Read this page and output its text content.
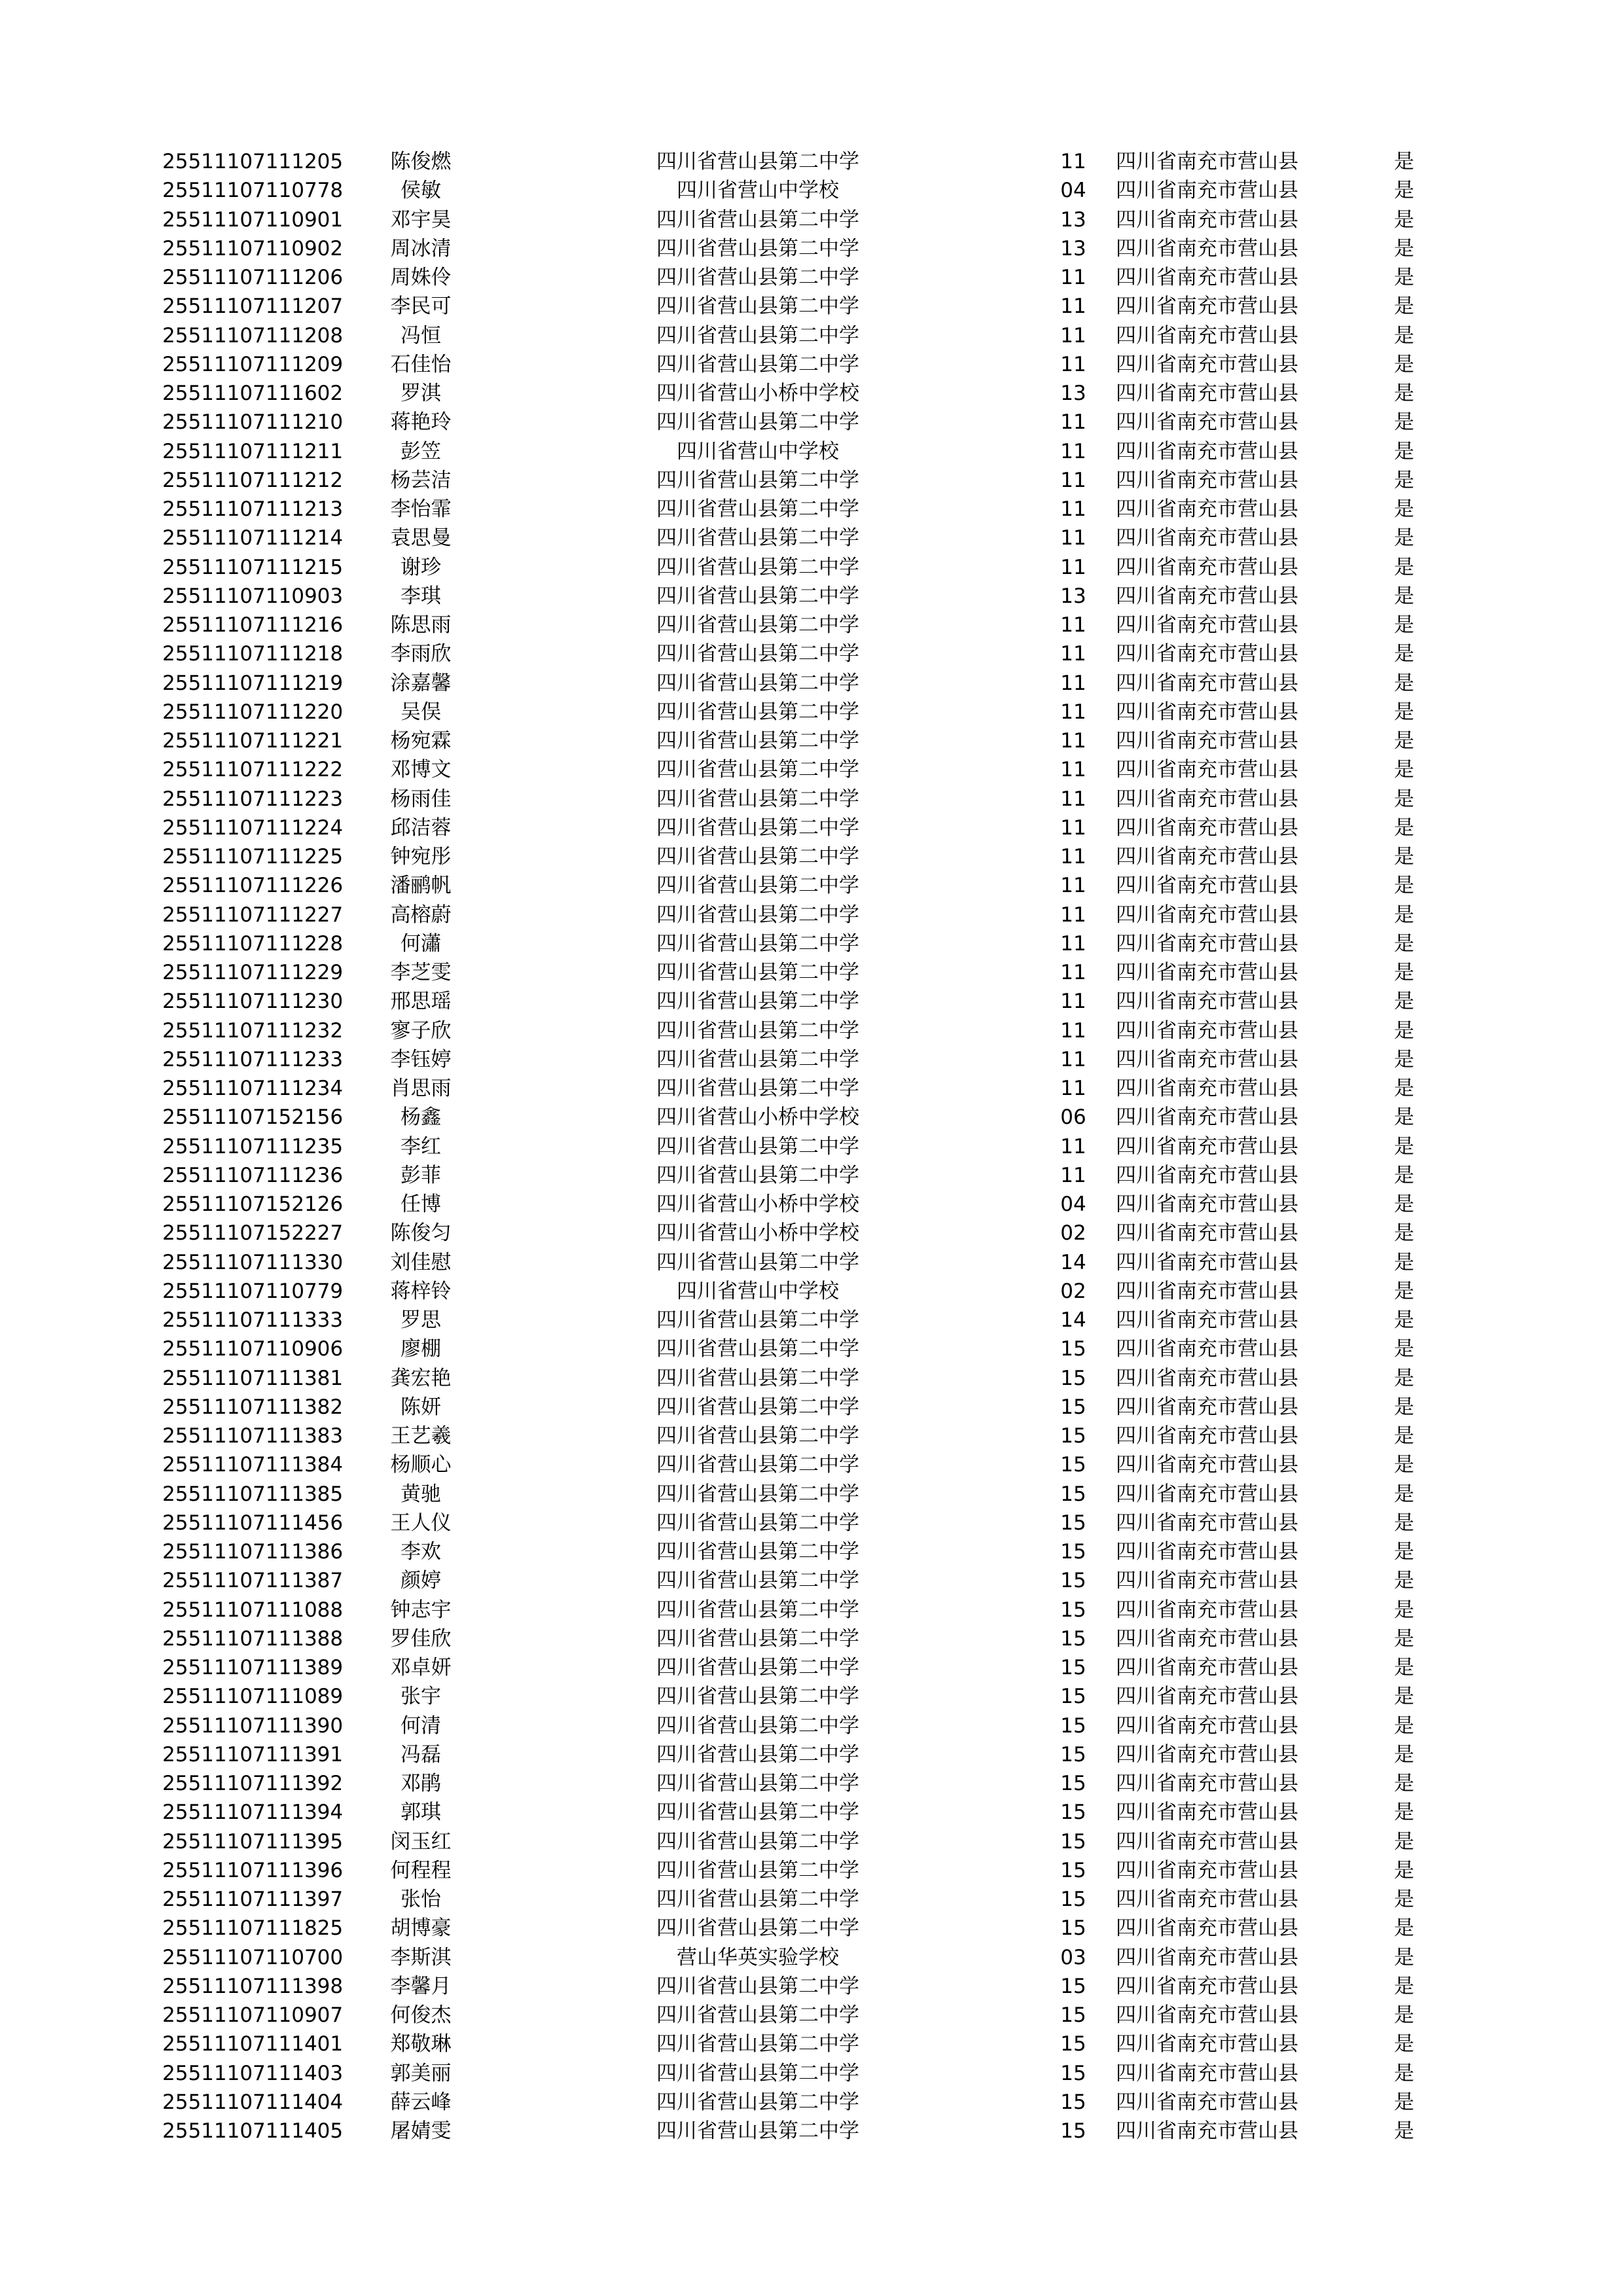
25511107111205	陈俊燃	四川省营山县第二中学	11	四川省南充市营山县	是
25511107110778	侯敏	四川省营山中学校	04	四川省南充市营山县	是
25511107110901	邓宇昊	四川省营山县第二中学	13	四川省南充市营山县	是
25511107110902	周冰清	四川省营山县第二中学	13	四川省南充市营山县	是
25511107111206	周姝伶	四川省营山县第二中学	11	四川省南充市营山县	是
25511107111207	李民可	四川省营山县第二中学	11	四川省南充市营山县	是
25511107111208	冯恒	四川省营山县第二中学	11	四川省南充市营山县	是
25511107111209	石佳怡	四川省营山县第二中学	11	四川省南充市营山县	是
25511107111602	罗淇	四川省营山小桥中学校	13	四川省南充市营山县	是
25511107111210	蒋艳玲	四川省营山县第二中学	11	四川省南充市营山县	是
25511107111211	彭笠	四川省营山中学校	11	四川省南充市营山县	是
25511107111212	杨芸洁	四川省营山县第二中学	11	四川省南充市营山县	是
25511107111213	李怡霏	四川省营山县第二中学	11	四川省南充市营山县	是
25511107111214	袁思曼	四川省营山县第二中学	11	四川省南充市营山县	是
25511107111215	谢珍	四川省营山县第二中学	11	四川省南充市营山县	是
25511107110903	李琪	四川省营山县第二中学	13	四川省南充市营山县	是
25511107111216	陈思雨	四川省营山县第二中学	11	四川省南充市营山县	是
25511107111218	李雨欣	四川省营山县第二中学	11	四川省南充市营山县	是
25511107111219	涂嘉馨	四川省营山县第二中学	11	四川省南充市营山县	是
25511107111220	吴俣	四川省营山县第二中学	11	四川省南充市营山县	是
25511107111221	杨宛霖	四川省营山县第二中学	11	四川省南充市营山县	是
25511107111222	邓博文	四川省营山县第二中学	11	四川省南充市营山县	是
25511107111223	杨雨佳	四川省营山县第二中学	11	四川省南充市营山县	是
25511107111224	邱洁蓉	四川省营山县第二中学	11	四川省南充市营山县	是
25511107111225	钟宛彤	四川省营山县第二中学	11	四川省南充市营山县	是
25511107111226	潘鹂帆	四川省营山县第二中学	11	四川省南充市营山县	是
25511107111227	高榕蔚	四川省营山县第二中学	11	四川省南充市营山县	是
25511107111228	何瀟	四川省营山县第二中学	11	四川省南充市营山县	是
25511107111229	李芝雯	四川省营山县第二中学	11	四川省南充市营山县	是
25511107111230	邢思瑶	四川省营山县第二中学	11	四川省南充市营山县	是
25511107111232	寥子欣	四川省营山县第二中学	11	四川省南充市营山县	是
25511107111233	李钰婷	四川省营山县第二中学	11	四川省南充市营山县	是
25511107111234	肖思雨	四川省营山县第二中学	11	四川省南充市营山县	是
25511107152156	杨鑫	四川省营山小桥中学校	06	四川省南充市营山县	是
25511107111235	李红	四川省营山县第二中学	11	四川省南充市营山县	是
25511107111236	彭菲	四川省营山县第二中学	11	四川省南充市营山县	是
25511107152126	任博	四川省营山小桥中学校	04	四川省南充市营山县	是
25511107152227	陈俊匀	四川省营山小桥中学校	02	四川省南充市营山县	是
25511107111330	刘佳慰	四川省营山县第二中学	14	四川省南充市营山县	是
25511107110779	蒋梓铃	四川省营山中学校	02	四川省南充市营山县	是
25511107111333	罗思	四川省营山县第二中学	14	四川省南充市营山县	是
25511107110906	廖棚	四川省营山县第二中学	15	四川省南充市营山县	是
25511107111381	龚宏艳	四川省营山县第二中学	15	四川省南充市营山县	是
25511107111382	陈妍	四川省营山县第二中学	15	四川省南充市营山县	是
25511107111383	王艺羲	四川省营山县第二中学	15	四川省南充市营山县	是
25511107111384	杨顺心	四川省营山县第二中学	15	四川省南充市营山县	是
25511107111385	黄驰	四川省营山县第二中学	15	四川省南充市营山县	是
25511107111456	王人仪	四川省营山县第二中学	15	四川省南充市营山县	是
25511107111386	李欢	四川省营山县第二中学	15	四川省南充市营山县	是
25511107111387	颜婷	四川省营山县第二中学	15	四川省南充市营山县	是
25511107111088	钟志宇	四川省营山县第二中学	15	四川省南充市营山县	是
25511107111388	罗佳欣	四川省营山县第二中学	15	四川省南充市营山县	是
25511107111389	邓卓妍	四川省营山县第二中学	15	四川省南充市营山县	是
25511107111089	张宇	四川省营山县第二中学	15	四川省南充市营山县	是
25511107111390	何清	四川省营山县第二中学	15	四川省南充市营山县	是
25511107111391	冯磊	四川省营山县第二中学	15	四川省南充市营山县	是
25511107111392	邓鹃	四川省营山县第二中学	15	四川省南充市营山县	是
25511107111394	郭琪	四川省营山县第二中学	15	四川省南充市营山县	是
25511107111395	闵玉红	四川省营山县第二中学	15	四川省南充市营山县	是
25511107111396	何程程	四川省营山县第二中学	15	四川省南充市营山县	是
25511107111397	张怡	四川省营山县第二中学	15	四川省南充市营山县	是
25511107111825	胡博豪	四川省营山县第二中学	15	四川省南充市营山县	是
25511107110700	李斯淇	营山华英实验学校	03	四川省南充市营山县	是
25511107111398	李馨月	四川省营山县第二中学	15	四川省南充市营山县	是
25511107110907	何俊杰	四川省营山县第二中学	15	四川省南充市营山县	是
25511107111401	郑敬琳	四川省营山县第二中学	15	四川省南充市营山县	是
25511107111403	郭美丽	四川省营山县第二中学	15	四川省南充市营山县	是
25511107111404	薛云峰	四川省营山县第二中学	15	四川省南充市营山县	是
25511107111405	屠婧雯	四川省营山县第二中学	15	四川省南充市营山县	是
